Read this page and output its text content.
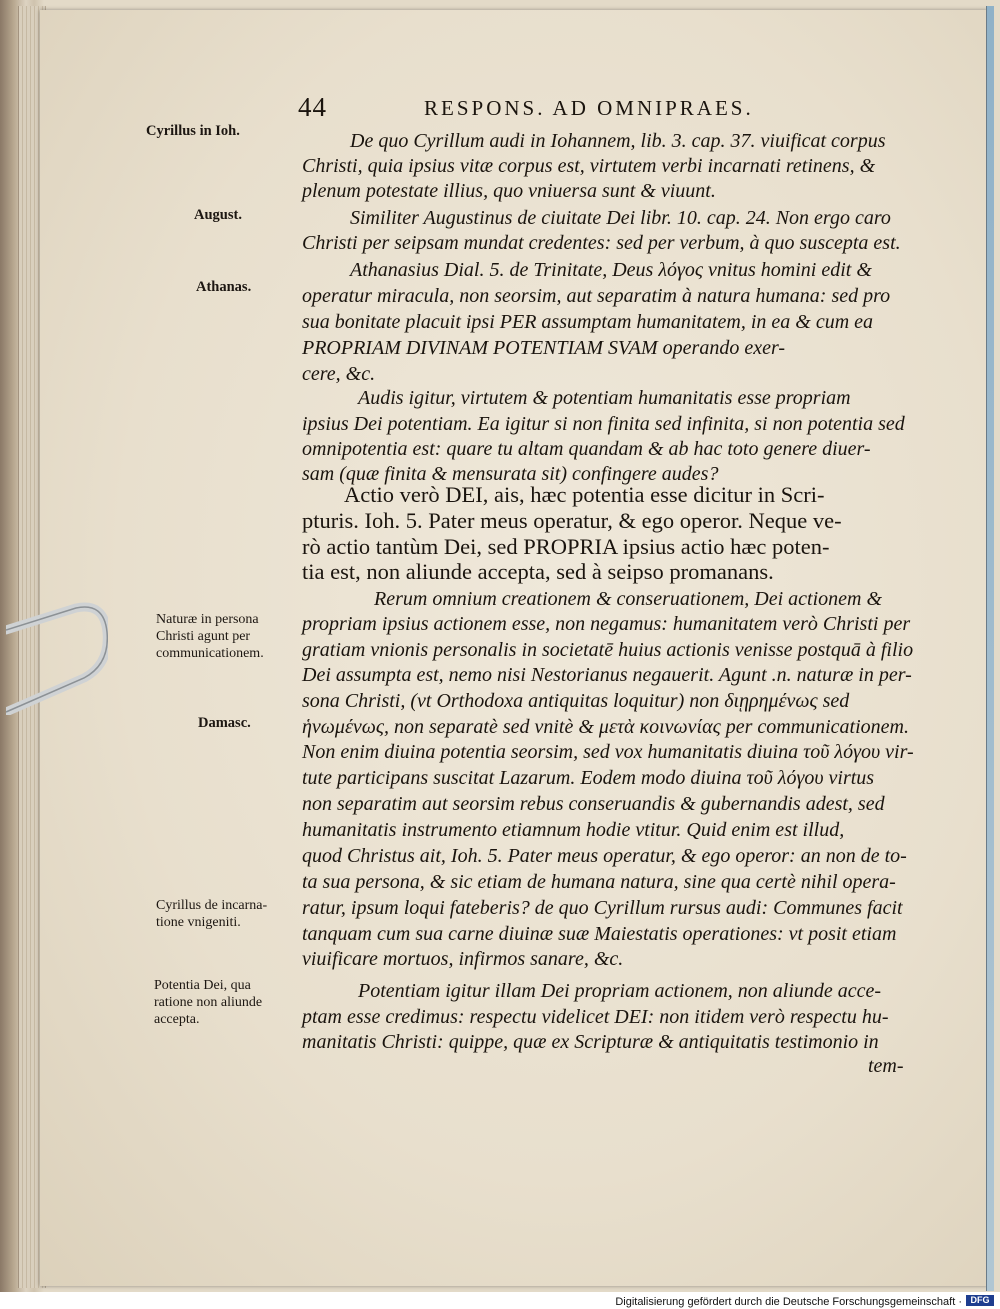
44	RESPONS. AD OMNIPRAES.
Cyrillus in Ioh.
August.
Athanas.
Naturæ in persona
Christi agunt per
communicationem.
Damasc.
Cyrillus de incarna-
tione vnigeniti.
Potentia Dei, qua
ratione non aliunde
accepta.
De quo Cyrillum audi in Iohannem, lib. 3. cap. 37. viuificat corpus
Christi, quia ipsius vitæ corpus est, virtutem verbi incarnati retinens, &
plenum potestate illius, quo vniuersa sunt & viuunt.
Similiter Augustinus de ciuitate Dei libr. 10. cap. 24. Non ergo caro
Christi per seipsam mundat credentes: sed per verbum, à quo suscepta est.
Athanasius Dial. 5. de Trinitate, Deus λόγος vnitus homini edit &
operatur miracula, non seorsim, aut separatim à natura humana: sed pro
sua bonitate placuit ipsi PER assumptam humanitatem, in ea & cum ea
PROPRIAM DIVINAM POTENTIAM SVAM operando exer-
cere, &c.
Audis igitur, virtutem & potentiam humanitatis esse propriam
ipsius Dei potentiam. Ea igitur si non finita sed infinita, si non potentia sed
omnipotentia est: quare tu altam quandam & ab hac toto genere diuer-
sam (quæ finita & mensurata sit) confingere audes?
Actio verò DEI, ais, hæc potentia esse dicitur in Scri-
pturis. Ioh. 5. Pater meus operatur, & ego operor. Neque ve-
rò actio tantùm Dei, sed PROPRIA ipsius actio hæc poten-
tia est, non aliunde accepta, sed à seipso promanans.
Rerum omnium creationem & conseruationem, Dei actionem &
propriam ipsius actionem esse, non negamus: humanitatem verò Christi per
gratiam vnionis personalis in societatē huius actionis venisse postquā à filio
Dei assumpta est, nemo nisi Nestorianus negauerit. Agunt .n. naturæ in per-
sona Christi, (vt Orthodoxa antiquitas loquitur) non διῃρημένως sed
ἡνωμένως, non separatè sed vnitè & μετὰ κοινωνίας per communicationem.
Non enim diuina potentia seorsim, sed vox humanitatis diuina τοῦ λόγου vir-
tute participans suscitat Lazarum. Eodem modo diuina τοῦ λόγου virtus
non separatim aut seorsim rebus conseruandis & gubernandis adest, sed
humanitatis instrumento etiamnum hodie vtitur. Quid enim est illud,
quod Christus ait, Ioh. 5. Pater meus operatur, & ego operor: an non de to-
ta sua persona, & sic etiam de humana natura, sine qua certè nihil opera-
ratur, ipsum loqui fateberis? de quo Cyrillum rursus audi: Communes facit
tanquam cum sua carne diuinæ suæ Maiestatis operationes: vt posit etiam
viuificare mortuos, infirmos sanare, &c.
Potentiam igitur illam Dei propriam actionem, non aliunde acce-
ptam esse credimus: respectu videlicet DEI: non itidem verò respectu hu-
manitatis Christi: quippe, quæ ex Scripturæ & antiquitatis testimonio in
tem-
Digitalisierung gefördert durch die Deutsche Forschungsgemeinschaft · DFG
